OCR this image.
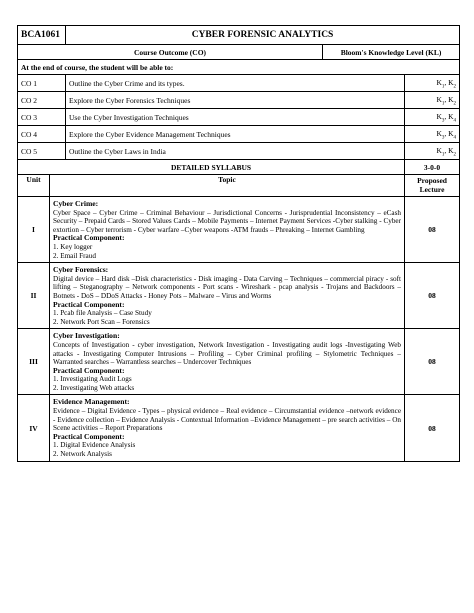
BCA1061	CYBER FORENSIC ANALYTICS		
Course Outcome (CO)		Bloom's Knowledge Level (KL)	
At the end of course, the student will be able to:			
CO 1	Outline the Cyber Crime and its types.		$K_1$, $K_2$
CO 2	Explore the Cyber Forensics Techniques		$K_1$, $K_2$
CO 3	Use the Cyber Investigation Techniques		$K_3$, $K_4$
CO 4	Explore the Cyber Evidence Management Techniques		$K_3$, $K_4$
CO 5	Outline the Cyber Laws in India		$K_1$, $K_2$
DETAILED SYLLABUS		3-0-0
Unit	Topic	Proposed Lecture
I	Cyber Crime:
Cyber Space – Cyber Crime – Criminal Behaviour – Jurisdictional Concerns - Jurisprudential Inconsistency – eCash Security – Prepaid Cards – Stored Values Cards – Mobile Payments – Internet Payment Services -Cyber stalking - Cyber extortion – Cyber terrorism - Cyber warfare –Cyber weapons -ATM frauds – Phreaking – Internet Gambling
Practical Component:
1. Key logger
2. Email Fraud	08
II	Cyber Forensics:
Digital device – Hard disk –Disk characteristics - Disk imaging - Data Carving – Techniques – commercial piracy - soft lifting – Steganography – Network components - Port scans - Wireshark - pcap analysis - Trojans and Backdoors – Botnets - DoS – DDoS Attacks - Honey Pots – Malware – Virus and Worms
Practical Component:
1. Pcab file Analysis – Case Study
2. Network Port Scan – Forensics	08
III	Cyber Investigation:
Concepts of Investigation - cyber investigation, Network Investigation - Investigating audit logs -Investigating Web attacks - Investigating Computer Intrusions – Profiling – Cyber Criminal profiling – Stylometric Techniques – Warranted searches – Warrantless searches – Undercover Techniques
Practical Component:
1. Investigating Audit Logs
2. Investigating Web attacks	08
IV	Evidence Management:
Evidence – Digital Evidence - Types – physical evidence – Real evidence – Circumstantial evidence –network evidence - Evidence collection – Evidence Analysis - Contextual Information –Evidence Management – pre search activities – On Scene activities – Report Preparations
Practical Component:
1. Digital Evidence Analysis
2. Network Analysis	08
